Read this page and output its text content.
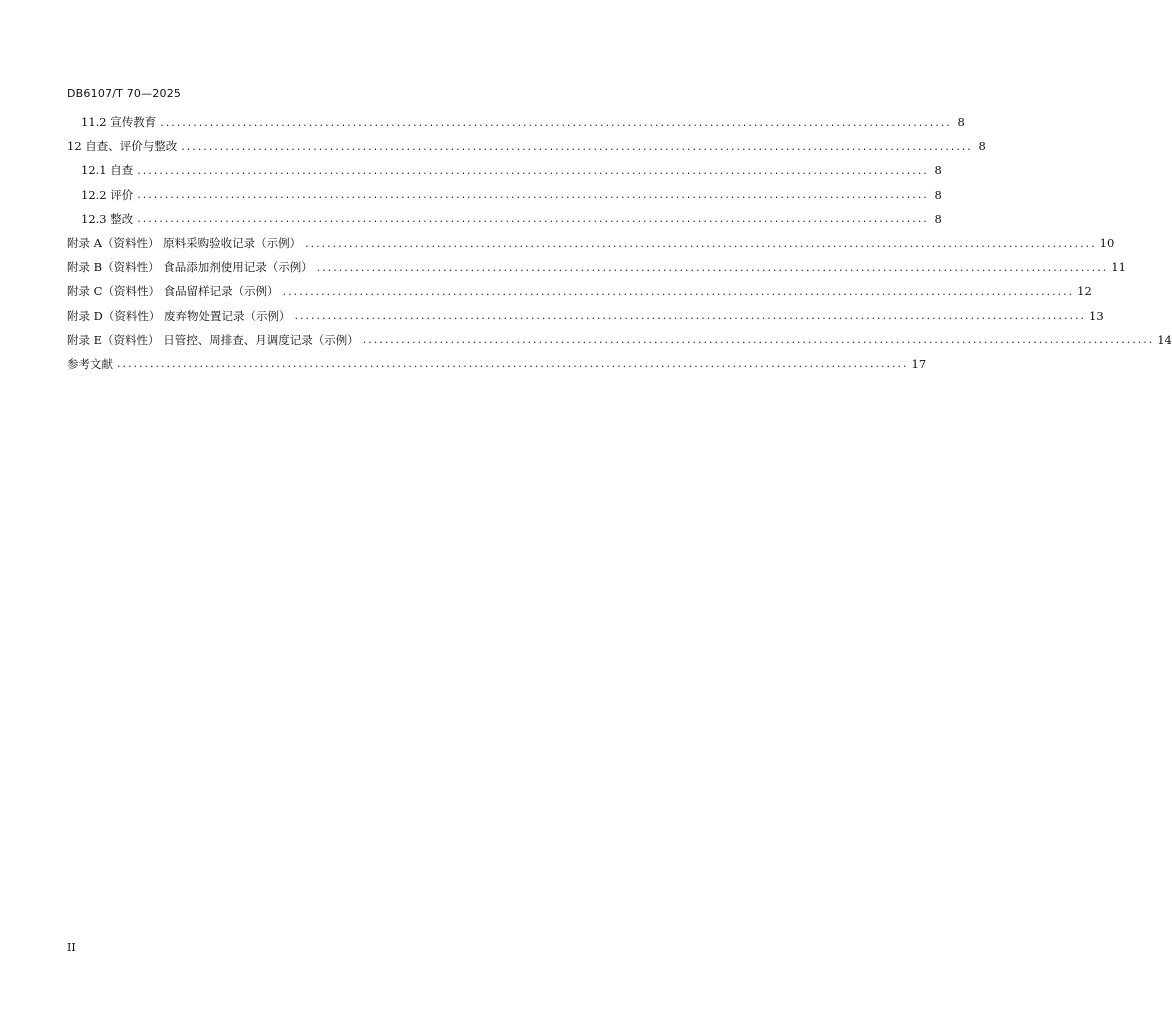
DB6107/T 70—2025
11.2 宣传教育 ................................................................................................................................................ 8
12 自查、评价与整改 ................................................................................................................................................ 8
12.1 自查 ................................................................................................................................................ 8
12.2 评价 ................................................................................................................................................ 8
12.3 整改 ................................................................................................................................................ 8
附录 A（资料性） 原料采购验收记录（示例） ................................................................................................................................................ 10
附录 B（资料性） 食品添加剂使用记录（示例） ................................................................................................................................................ 11
附录 C（资料性） 食品留样记录（示例） ................................................................................................................................................ 12
附录 D（资料性） 废弃物处置记录（示例） ................................................................................................................................................ 13
附录 E（资料性） 日管控、周排查、月调度记录（示例） ................................................................................................................................................ 14
参考文献 ................................................................................................................................................ 17
II
